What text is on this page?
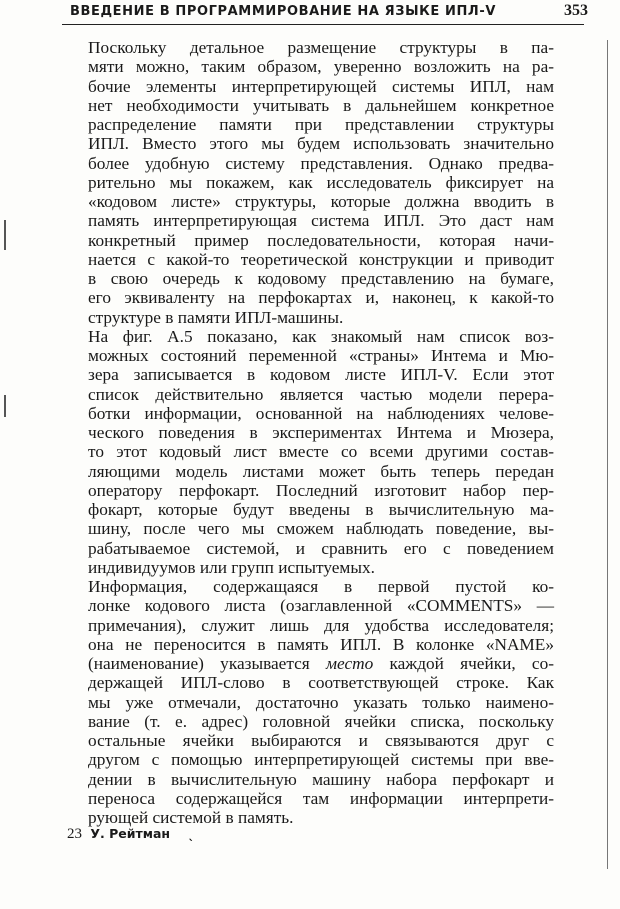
ВВЕДЕНИЕ В ПРОГРАММИРОВАНИЕ НА ЯЗЫКЕ ИПЛ-V	353

Поскольку детальное размещение структуры в па-
мяти можно, таким образом, уверенно возложить на ра-
бочие элементы интерпретирующей системы ИПЛ, нам
нет необходимости учитывать в дальнейшем конкретное
распределение памяти при представлении структуры
ИПЛ. Вместо этого мы будем использовать значительно
более удобную систему представления. Однако предва-
рительно мы покажем, как исследователь фиксирует на
«кодовом листе» структуры, которые должна вводить в
память интерпретирующая система ИПЛ. Это даст нам
конкретный пример последовательности, которая начи-
нается с какой-то теоретической конструкции и приводит
в свою очередь к кодовому представлению на бумаге,
его эквиваленту на перфокартах и, наконец, к какой-то
структуре в памяти ИПЛ-машины.

На фиг. А.5 показано, как знакомый нам список воз-
можных состояний переменной «страны» Интема и Мю-
зера записывается в кодовом листе ИПЛ-V. Если этот
список действительно является частью модели перера-
ботки информации, основанной на наблюдениях челове-
ческого поведения в экспериментах Интема и Мюзера,
то этот кодовый лист вместе со всеми другими состав-
ляющими модель листами может быть теперь передан
оператору перфокарт. Последний изготовит набор пер-
фокарт, которые будут введены в вычислительную ма-
шину, после чего мы сможем наблюдать поведение, вы-
рабатываемое системой, и сравнить его с поведением
индивидуумов или групп испытуемых.

Информация, содержащаяся в первой пустой ко-
лонке кодового листа (озаглавленной «COMMENTS» —
примечания), служит лишь для удобства исследователя;
она не переносится в память ИПЛ. В колонке «NAME»
(наименование) указывается место каждой ячейки, со-
держащей ИПЛ-слово в соответствующей строке. Как
мы уже отмечали, достаточно указать только наимено-
вание (т. е. адрес) головной ячейки списка, поскольку
остальные ячейки выбираются и связываются друг с
другом с помощью интерпретирующей системы при вве-
дении в вычислительную машину набора перфокарт и
переноса содержащейся там информации интерпрети-
рующей системой в память.

23 У. Рейтман ˎ
